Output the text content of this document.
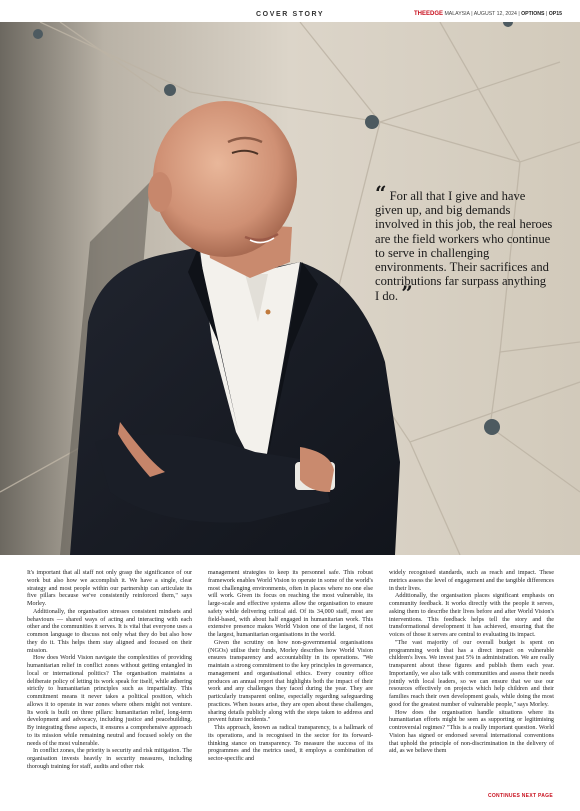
COVER STORY	THEEDGE MALAYSIA | AUGUST 12, 2024 | OPTIONS | OP15
“ For all that I give and have given up, and big demands involved in this job, the real heroes are the field workers who continue to serve in challenging environments. Their sacrifices and contributions far surpass anything I do. ”

It's important that all staff not only grasp the significance of our work but also how we accomplish it. We have a single, clear strategy and most people within our partnership can articulate its five pillars because we've consistently reinforced them," says Morley.

Additionally, the organisation stresses consistent mindsets and behaviours — shared ways of acting and interacting with each other and the communities it serves. It is vital that everyone uses a common language to discuss not only what they do but also how they do it. This helps them stay aligned and focused on their mission.

How does World Vision navigate the complexities of providing humanitarian relief in conflict zones without getting entangled in local or international politics? The organisation maintains a deliberate policy of letting its work speak for itself, while adhering strictly to humanitarian principles such as impartiality. This commitment means it never takes a political position, which allows it to operate in war zones where others might not venture. Its work is built on three pillars: humanitarian relief, long-term development and advocacy, including justice and peacebuilding. By integrating these aspects, it ensures a comprehensive approach to its mission while remaining neutral and focused solely on the needs of the most vulnerable.

In conflict zones, the priority is security and risk mitigation. The organisation invests heavily in security measures, including thorough training for staff, audits and other risk

management strategies to keep its personnel safe. This robust framework enables World Vision to operate in some of the world's most challenging environments, often in places where no one else will work. Given its focus on reaching the most vulnerable, its large-scale and effective systems allow the organisation to ensure safety while delivering critical aid. Of its 34,000 staff, most are field-based, with about half engaged in humanitarian work. This extensive presence makes World Vision one of the largest, if not the largest, humanitarian organisations in the world.

Given the scrutiny on how non-governmental organisations (NGOs) utilise their funds, Morley describes how World Vision ensures transparency and accountability in its operations. "We maintain a strong commitment to the key principles in governance, management and organisational ethics. Every country office produces an annual report that highlights both the impact of their work and any challenges they faced during the year. They are particularly transparent online, especially regarding safeguarding practices. When issues arise, they are open about these challenges, sharing details publicly along with the steps taken to address and prevent future incidents."

This approach, known as radical transparency, is a hallmark of its operations, and is recognised in the sector for its forward-thinking stance on transparency. To measure the success of its programmes and the metrics used, it employs a combination of sector-specific and

widely recognised standards, such as reach and impact. These metrics assess the level of engagement and the tangible differences in their lives.

Additionally, the organisation places significant emphasis on community feedback. It works directly with the people it serves, asking them to describe their lives before and after World Vision's interventions. This feedback helps tell the story and the transformational development it has achieved, ensuring that the voices of those it serves are central to evaluating its impact.

"The vast majority of our overall budget is spent on programming work that has a direct impact on vulnerable children's lives. We invest just 5% in administration. We are really transparent about these figures and publish them each year. Importantly, we also talk with communities and assess their needs jointly with local leaders, so we can ensure that we use our resources effectively on projects which help children and their families reach their own development goals, while doing the most good for the greatest number of vulnerable people," says Morley.

How does the organisation handle situations where its humanitarian efforts might be seen as supporting or legitimising controversial regimes? "This is a really important question. World Vision has signed or endorsed several international conventions that uphold the principle of non-discrimination in the delivery of aid, as we believe them

CONTINUES NEXT PAGE
